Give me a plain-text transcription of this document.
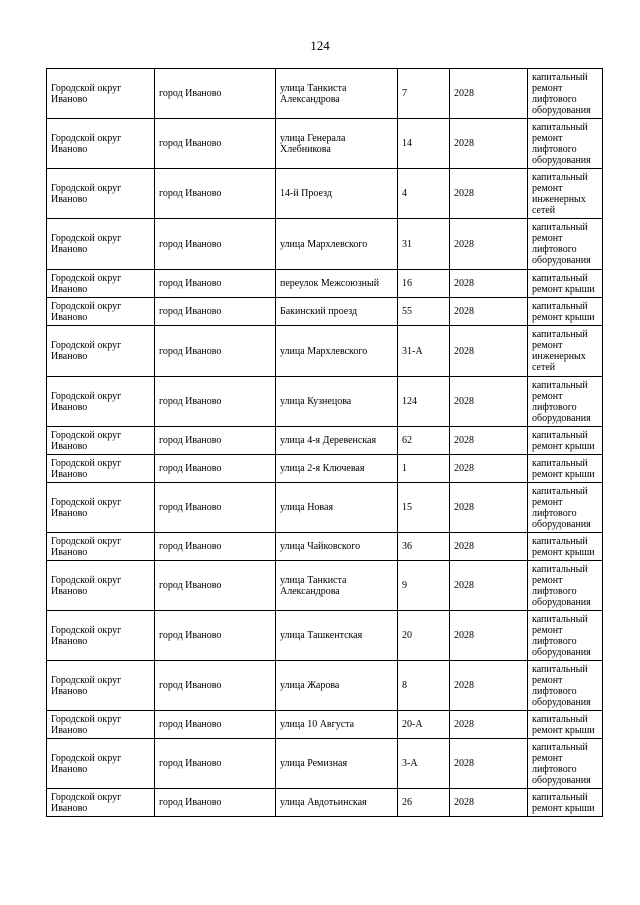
124
Городской округ Иваново	город Иваново	улица Танкиста Александрова	7	2028	капитальный ремонт лифтового оборудования
Городской округ Иваново	город Иваново	улица Генерала Хлебникова	14	2028	капитальный ремонт лифтового оборудования
Городской округ Иваново	город Иваново	14-й Проезд	4	2028	капитальный ремонт инженерных сетей
Городской округ Иваново	город Иваново	улица Мархлевского	31	2028	капитальный ремонт лифтового оборудования
Городской округ Иваново	город Иваново	переулок Межсоюзный	16	2028	капитальный ремонт крыши
Городской округ Иваново	город Иваново	Бакинский проезд	55	2028	капитальный ремонт крыши
Городской округ Иваново	город Иваново	улица Мархлевского	31-А	2028	капитальный ремонт инженерных сетей
Городской округ Иваново	город Иваново	улица Кузнецова	124	2028	капитальный ремонт лифтового оборудования
Городской округ Иваново	город Иваново	улица 4-я Деревенская	62	2028	капитальный ремонт крыши
Городской округ Иваново	город Иваново	улица 2-я Ключевая	1	2028	капитальный ремонт крыши
Городской округ Иваново	город Иваново	улица Новая	15	2028	капитальный ремонт лифтового оборудования
Городской округ Иваново	город Иваново	улица Чайковского	36	2028	капитальный ремонт крыши
Городской округ Иваново	город Иваново	улица Танкиста Александрова	9	2028	капитальный ремонт лифтового оборудования
Городской округ Иваново	город Иваново	улица Ташкентская	20	2028	капитальный ремонт лифтового оборудования
Городской округ Иваново	город Иваново	улица Жарова	8	2028	капитальный ремонт лифтового оборудования
Городской округ Иваново	город Иваново	улица 10 Августа	20-А	2028	капитальный ремонт крыши
Городской округ Иваново	город Иваново	улица Ремизная	3-А	2028	капитальный ремонт лифтового оборудования
Городской округ Иваново	город Иваново	улица Авдотьинская	26	2028	капитальный ремонт крыши
